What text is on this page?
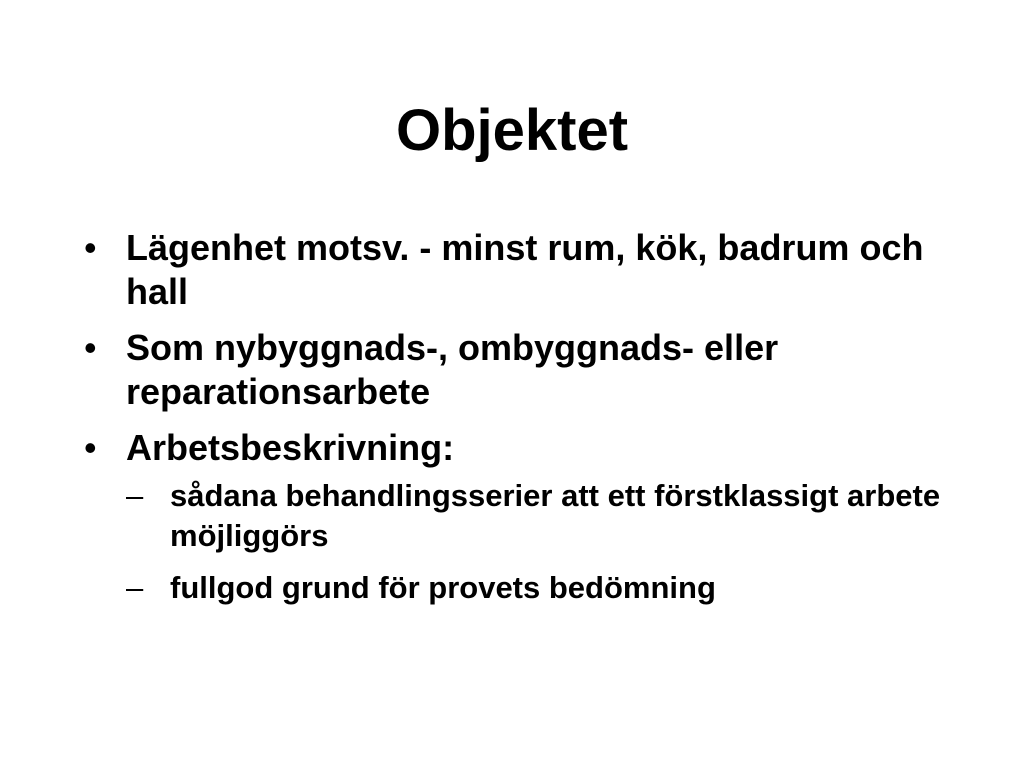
Objektet
• Lägenhet motsv. - minst rum, kök, badrum och hall
• Som nybyggnads-, ombyggnads- eller reparationsarbete
• Arbetsbeskrivning:
– sådana behandlingsserier att ett förstklassigt arbete möjliggörs
– fullgod grund för provets bedömning
